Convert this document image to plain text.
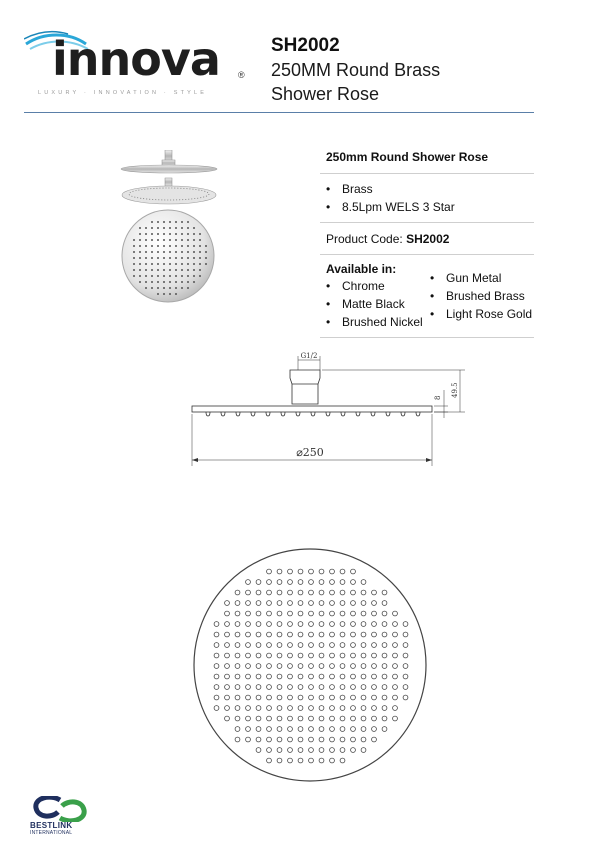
innova ®
LUXURY · INNOVATION · STYLE
SH2002
250MM Round Brass
Shower Rose
250mm Round Shower Rose
• Brass
• 8.5Lpm WELS 3 Star
Product Code: SH2002
Available in:
• Chrome
• Matte Black
• Brushed Nickel
• Gun Metal
• Brushed Brass
• Light Rose Gold
G1/2
8 49.5
⌀250
BESTLINK
INTERNATIONAL
